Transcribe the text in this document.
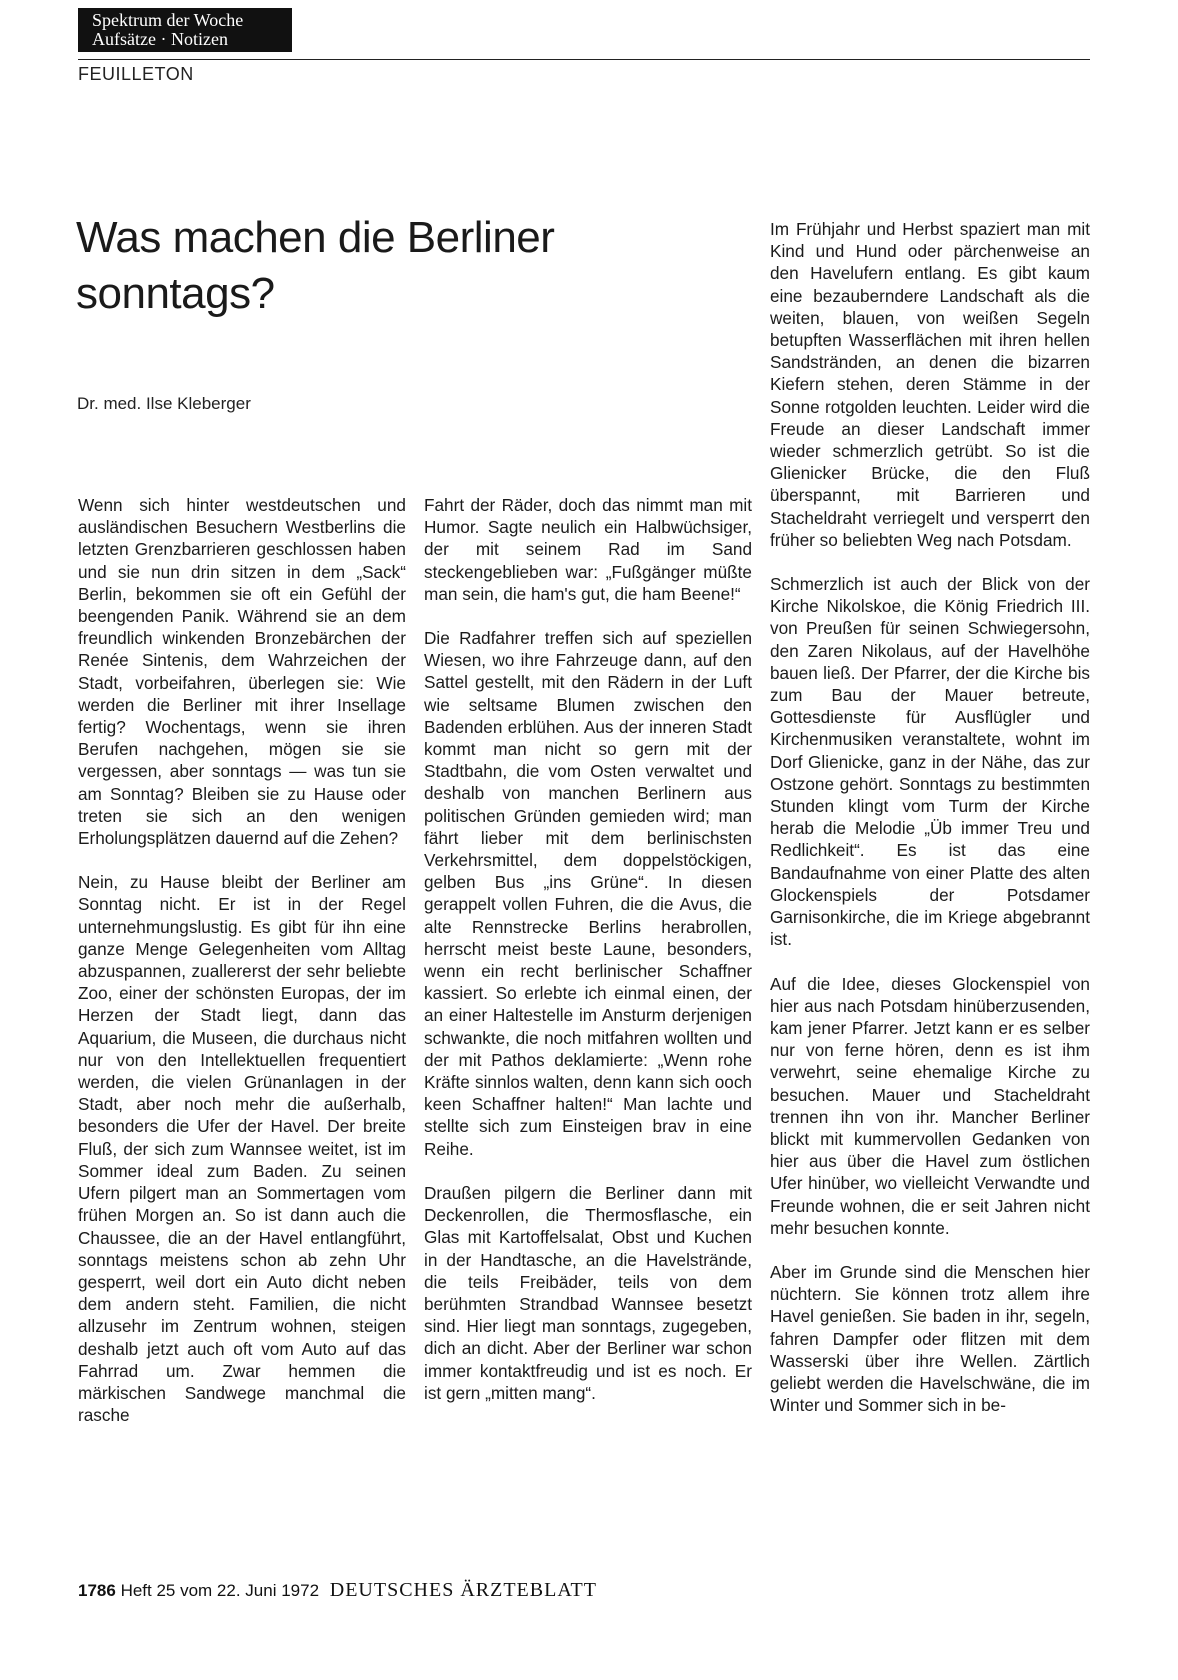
Spektrum der Woche
Aufsätze · Notizen
FEUILLETON
Was machen die Berliner sonntags?
Dr. med. Ilse Kleberger

Wenn sich hinter westdeutschen und ausländischen Besuchern Westberlins die letzten Grenzbarrieren geschlossen haben und sie nun drin sitzen in dem „Sack“ Berlin, bekommen sie oft ein Gefühl der beengenden Panik. Während sie an dem freundlich winkenden Bronzebärchen der Renée Sintenis, dem Wahrzeichen der Stadt, vorbeifahren, überlegen sie: Wie werden die Berliner mit ihrer Insellage fertig? Wochentags, wenn sie ihren Berufen nachgehen, mögen sie sie vergessen, aber sonntags — was tun sie am Sonntag? Bleiben sie zu Hause oder treten sie sich an den wenigen Erholungsplätzen dauernd auf die Zehen?

Nein, zu Hause bleibt der Berliner am Sonntag nicht. Er ist in der Regel unternehmungslustig. Es gibt für ihn eine ganze Menge Gelegenheiten vom Alltag abzuspannen, zuallererst der sehr beliebte Zoo, einer der schönsten Europas, der im Herzen der Stadt liegt, dann das Aquarium, die Museen, die durchaus nicht nur von den Intellektuellen frequentiert werden, die vielen Grünanlagen in der Stadt, aber noch mehr die außerhalb, besonders die Ufer der Havel. Der breite Fluß, der sich zum Wannsee weitet, ist im Sommer ideal zum Baden. Zu seinen Ufern pilgert man an Sommertagen vom frühen Morgen an. So ist dann auch die Chaussee, die an der Havel entlangführt, sonntags meistens schon ab zehn Uhr gesperrt, weil dort ein Auto dicht neben dem andern steht. Familien, die nicht allzusehr im Zentrum wohnen, steigen deshalb jetzt auch oft vom Auto auf das Fahrrad um. Zwar hemmen die märkischen Sandwege manchmal die rasche

Fahrt der Räder, doch das nimmt man mit Humor. Sagte neulich ein Halbwüchsiger, der mit seinem Rad im Sand steckengeblieben war: „Fußgänger müßte man sein, die ham's gut, die ham Beene!“

Die Radfahrer treffen sich auf speziellen Wiesen, wo ihre Fahrzeuge dann, auf den Sattel gestellt, mit den Rädern in der Luft wie seltsame Blumen zwischen den Badenden erblühen. Aus der inneren Stadt kommt man nicht so gern mit der Stadtbahn, die vom Osten verwaltet und deshalb von manchen Berlinern aus politischen Gründen gemieden wird; man fährt lieber mit dem berlinischsten Verkehrsmittel, dem doppelstöckigen, gelben Bus „ins Grüne“. In diesen gerappelt vollen Fuhren, die die Avus, die alte Rennstrecke Berlins herabrollen, herrscht meist beste Laune, besonders, wenn ein recht berlinischer Schaffner kassiert. So erlebte ich einmal einen, der an einer Haltestelle im Ansturm derjenigen schwankte, die noch mitfahren wollten und der mit Pathos deklamierte: „Wenn rohe Kräfte sinnlos walten, denn kann sich ooch keen Schaffner halten!“ Man lachte und stellte sich zum Einsteigen brav in eine Reihe.

Draußen pilgern die Berliner dann mit Deckenrollen, die Thermosflasche, ein Glas mit Kartoffelsalat, Obst und Kuchen in der Handtasche, an die Havelstrände, die teils Freibäder, teils von dem berühmten Strandbad Wannsee besetzt sind. Hier liegt man sonntags, zugegeben, dich an dicht. Aber der Berliner war schon immer kontaktfreudig und ist es noch. Er ist gern „mitten mang“.

Im Frühjahr und Herbst spaziert man mit Kind und Hund oder pärchenweise an den Havelufern entlang. Es gibt kaum eine bezauberndere Landschaft als die weiten, blauen, von weißen Segeln betupften Wasserflächen mit ihren hellen Sandstränden, an denen die bizarren Kiefern stehen, deren Stämme in der Sonne rotgolden leuchten. Leider wird die Freude an dieser Landschaft immer wieder schmerzlich getrübt. So ist die Glienicker Brücke, die den Fluß überspannt, mit Barrieren und Stacheldraht verriegelt und versperrt den früher so beliebten Weg nach Potsdam.

Schmerzlich ist auch der Blick von der Kirche Nikolskoe, die König Friedrich III. von Preußen für seinen Schwiegersohn, den Zaren Nikolaus, auf der Havelhöhe bauen ließ. Der Pfarrer, der die Kirche bis zum Bau der Mauer betreute, Gottesdienste für Ausflügler und Kirchenmusiken veranstaltete, wohnt im Dorf Glienicke, ganz in der Nähe, das zur Ostzone gehört. Sonntags zu bestimmten Stunden klingt vom Turm der Kirche herab die Melodie „Üb immer Treu und Redlichkeit“. Es ist das eine Bandaufnahme von einer Platte des alten Glockenspiels der Potsdamer Garnisonkirche, die im Kriege abgebrannt ist.

Auf die Idee, dieses Glockenspiel von hier aus nach Potsdam hinüberzusenden, kam jener Pfarrer. Jetzt kann er es selber nur von ferne hören, denn es ist ihm verwehrt, seine ehemalige Kirche zu besuchen. Mauer und Stacheldraht trennen ihn von ihr. Mancher Berliner blickt mit kummervollen Gedanken von hier aus über die Havel zum östlichen Ufer hinüber, wo vielleicht Verwandte und Freunde wohnen, die er seit Jahren nicht mehr besuchen konnte.

Aber im Grunde sind die Menschen hier nüchtern. Sie können trotz allem ihre Havel genießen. Sie baden in ihr, segeln, fahren Dampfer oder flitzen mit dem Wasserski über ihre Wellen. Zärtlich geliebt werden die Havelschwäne, die im Winter und Sommer sich in be-

1786 Heft 25 vom 22. Juni 1972 DEUTSCHES ÄRZTEBLATT
